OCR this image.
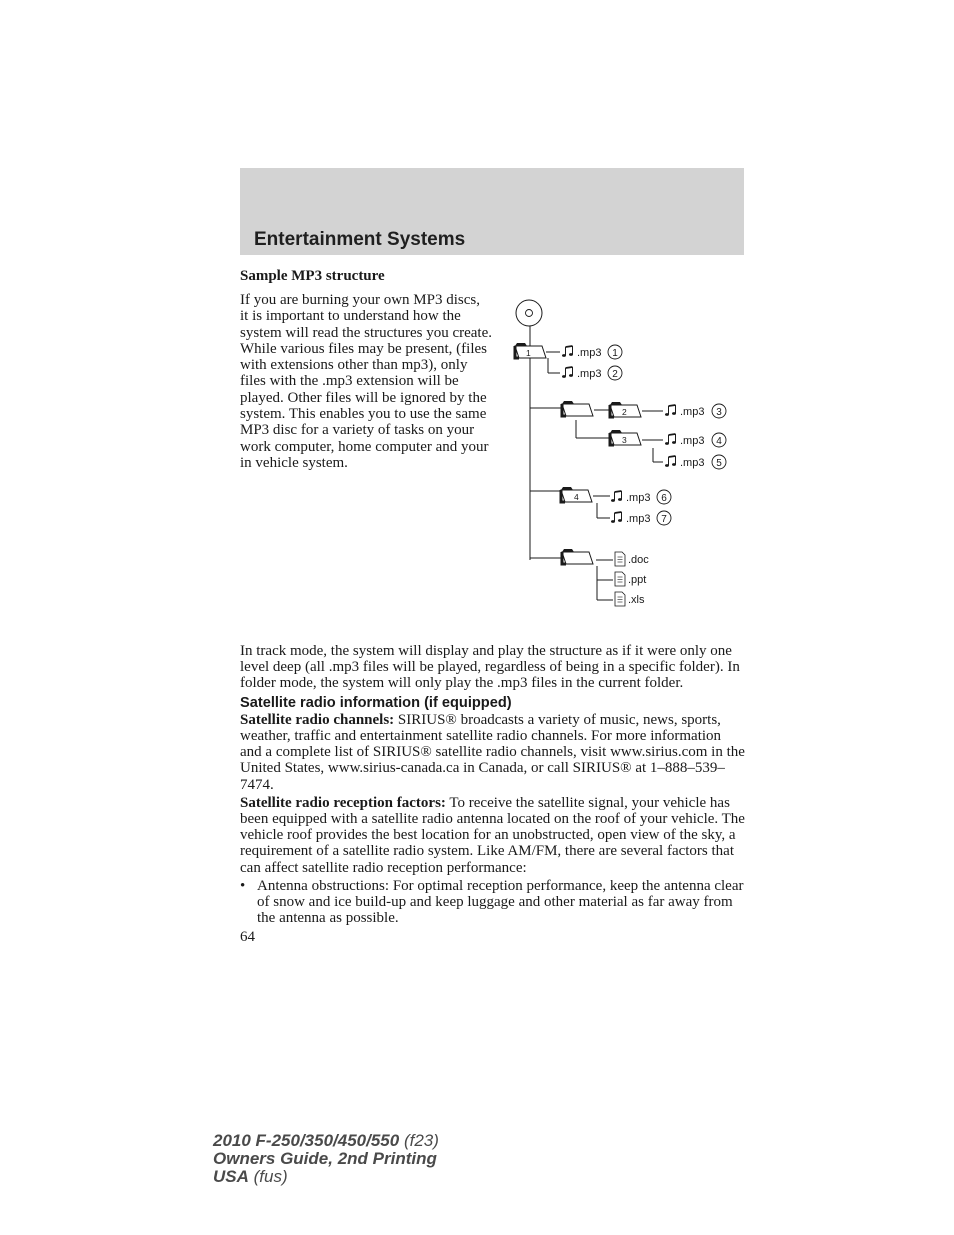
Entertainment Systems
Sample MP3 structure

If you are burning your own MP3 discs, it is important to understand how the system will read the structures you create. While various files may be present, (files with extensions other than mp3), only files with the .mp3 extension will be played. Other files will be ignored by the system. This enables you to use the same MP3 disc for a variety of tasks on your work computer, home computer and your in vehicle system.

1
2
3
4
.mp3 1
.mp3 2
.mp3 3
.mp3 4
.mp3 5
.mp3 6
.mp3 7
.doc
.ppt
.xls

In track mode, the system will display and play the structure as if it were only one level deep (all .mp3 files will be played, regardless of being in a specific folder). In folder mode, the system will only play the .mp3 files in the current folder.

Satellite radio information (if equipped)

Satellite radio channels: SIRIUS® broadcasts a variety of music, news, sports, weather, traffic and entertainment satellite radio channels. For more information and a complete list of SIRIUS® satellite radio channels, visit www.sirius.com in the United States, www.sirius-canada.ca in Canada, or call SIRIUS® at 1–888–539–7474.

Satellite radio reception factors: To receive the satellite signal, your vehicle has been equipped with a satellite radio antenna located on the roof of your vehicle. The vehicle roof provides the best location for an unobstructed, open view of the sky, a requirement of a satellite radio system. Like AM/FM, there are several factors that can affect satellite radio reception performance:

• Antenna obstructions: For optimal reception performance, keep the antenna clear of snow and ice build-up and keep luggage and other material as far away from the antenna as possible.
64
2010 F-250/350/450/550 (f23)
Owners Guide, 2nd Printing
USA (fus)
